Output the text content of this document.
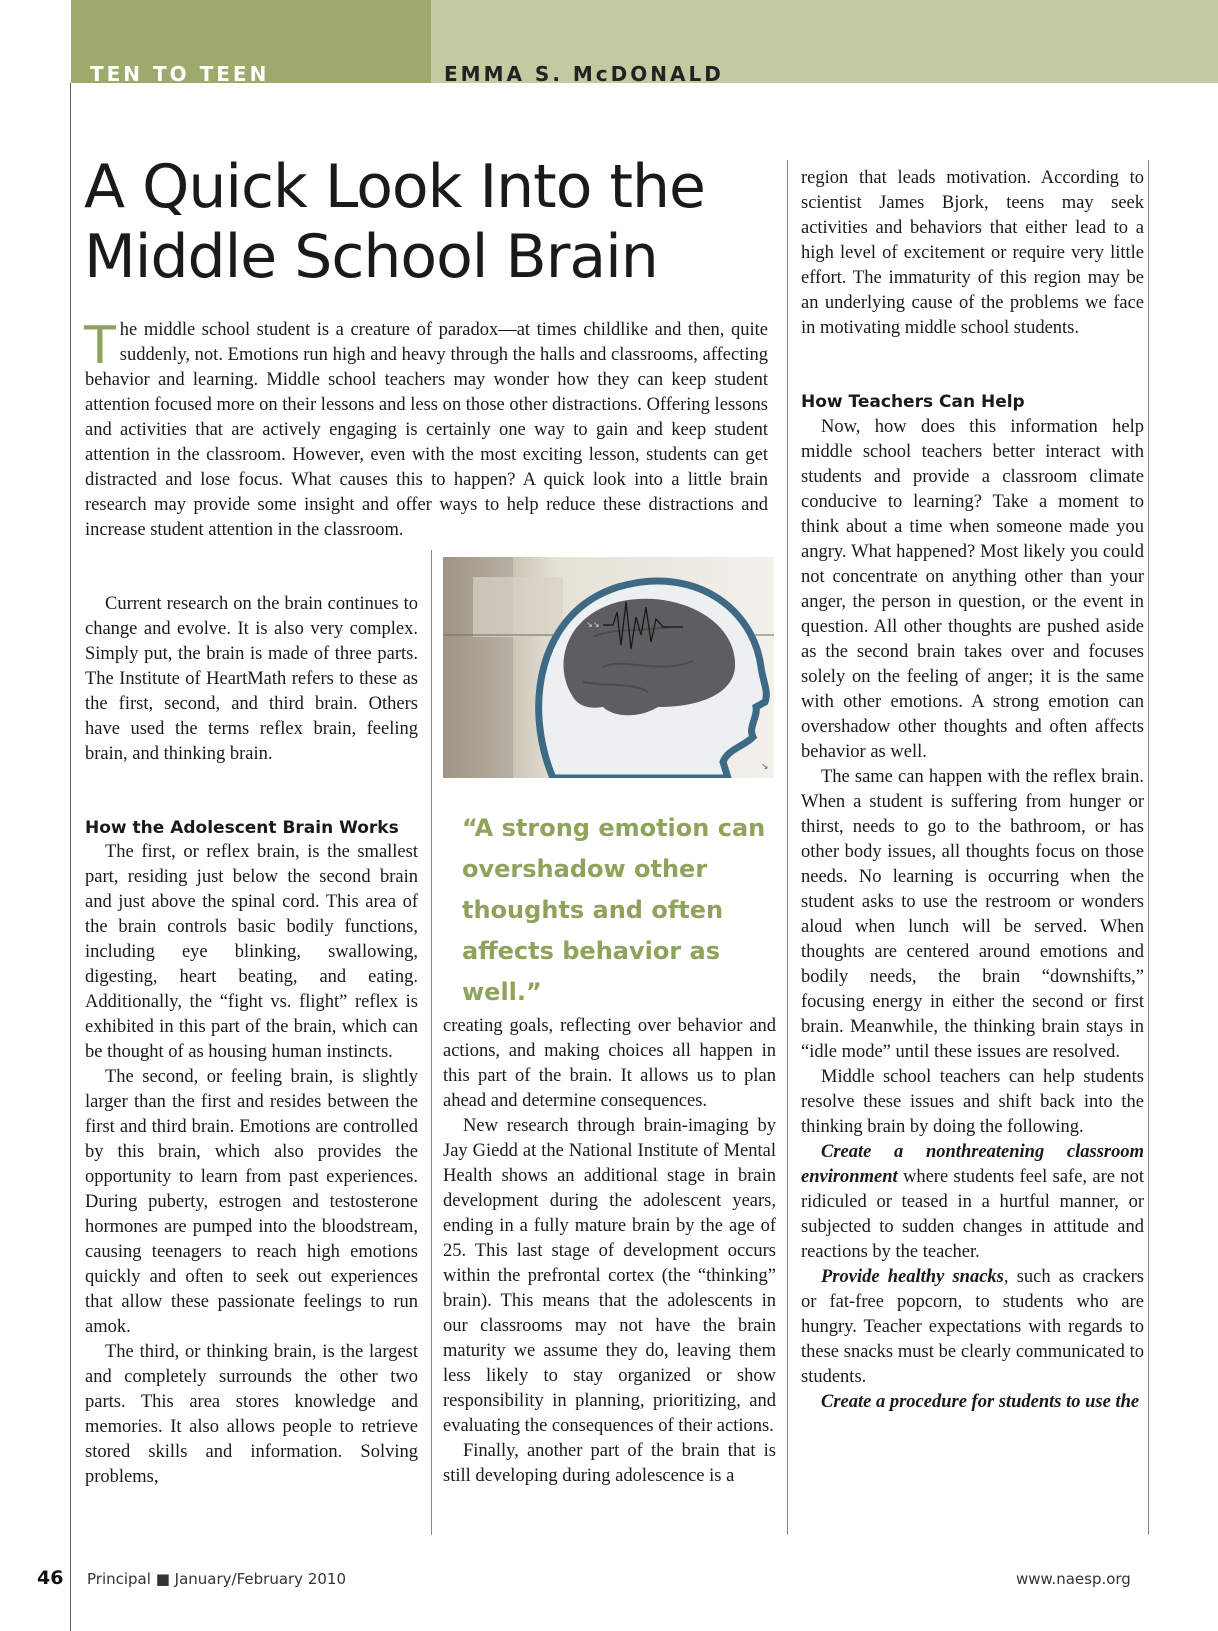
TEN TO TEEN	EMMA S. McDONALD
A Quick Look Into the Middle School Brain
The middle school student is a creature of paradox—at times childlike and then, quite suddenly, not. Emotions run high and heavy through the halls and classrooms, affecting behavior and learning. Middle school teachers may wonder how they can keep student attention focused more on their lessons and less on those other distractions. Offering lessons and activities that are actively engaging is certainly one way to gain and keep student attention in the classroom. However, even with the most exciting lesson, students can get distracted and lose focus. What causes this to happen? A quick look into a little brain research may provide some insight and offer ways to help reduce these distractions and increase student attention in the classroom.

Current research on the brain continues to change and evolve. It is also very complex. Simply put, the brain is made of three parts. The Institute of HeartMath refers to these as the first, second, and third brain. Others have used the terms reflex brain, feeling brain, and thinking brain.

How the Adolescent Brain Works

The first, or reflex brain, is the smallest part, residing just below the second brain and just above the spinal cord. This area of the brain controls basic bodily functions, including eye blinking, swallowing, digesting, heart beating, and eating. Additionally, the “fight vs. flight” reflex is exhibited in this part of the brain, which can be thought of as housing human instincts.

The second, or feeling brain, is slightly larger than the first and resides between the first and third brain. Emotions are controlled by this brain, which also provides the opportunity to learn from past experiences. During puberty, estrogen and testosterone hormones are pumped into the bloodstream, causing teenagers to reach high emotions quickly and often to seek out experiences that allow these passionate feelings to run amok.

The third, or thinking brain, is the largest and completely surrounds the other two parts. This area stores knowledge and memories. It also allows people to retrieve stored skills and information. Solving problems,

↘↘
↘

“A strong emotion can overshadow other thoughts and often affects behavior as well.”

creating goals, reflecting over behavior and actions, and making choices all happen in this part of the brain. It allows us to plan ahead and determine consequences.

New research through brain-imaging by Jay Giedd at the National Institute of Mental Health shows an additional stage in brain development during the adolescent years, ending in a fully mature brain by the age of 25. This last stage of development occurs within the prefrontal cortex (the “thinking” brain). This means that the adolescents in our classrooms may not have the brain maturity we assume they do, leaving them less likely to stay organized or show responsibility in planning, prioritizing, and evaluating the consequences of their actions.

Finally, another part of the brain that is still developing during adolescence is a

region that leads motivation. According to scientist James Bjork, teens may seek activities and behaviors that either lead to a high level of excitement or require very little effort. The immaturity of this region may be an underlying cause of the problems we face in motivating middle school students.

How Teachers Can Help

Now, how does this information help middle school teachers better interact with students and provide a classroom climate conducive to learning? Take a moment to think about a time when someone made you angry. What happened? Most likely you could not concentrate on anything other than your anger, the person in question, or the event in question. All other thoughts are pushed aside as the second brain takes over and focuses solely on the feeling of anger; it is the same with other emotions. A strong emotion can overshadow other thoughts and often affects behavior as well.

The same can happen with the reflex brain. When a student is suffering from hunger or thirst, needs to go to the bathroom, or has other body issues, all thoughts focus on those needs. No learning is occurring when the student asks to use the restroom or wonders aloud when lunch will be served. When thoughts are centered around emotions and bodily needs, the brain “downshifts,” focusing energy in either the second or first brain. Meanwhile, the thinking brain stays in “idle mode” until these issues are resolved.

Middle school teachers can help students resolve these issues and shift back into the thinking brain by doing the following.

Create a nonthreatening classroom environment where students feel safe, are not ridiculed or teased in a hurtful manner, or subjected to sudden changes in attitude and reactions by the teacher.

Provide healthy snacks, such as crackers or fat-free popcorn, to students who are hungry. Teacher expectations with regards to these snacks must be clearly communicated to students.

Create a procedure for students to use the

46 Principal ■ January/February 2010	www.naesp.org
